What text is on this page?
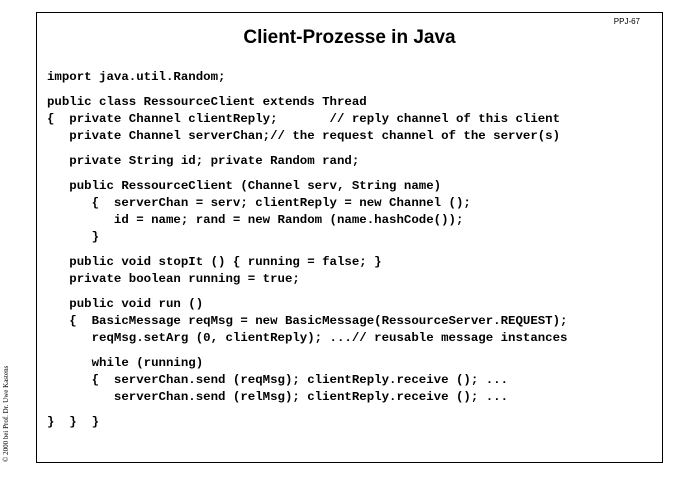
PPJ-67
Client-Prozesse in Java
import java.util.Random;
public class RessourceClient extends Thread
{  private Channel clientReply;       // reply channel of this client
private Channel serverChan;// the request channel of the server(s)
private String id; private Random rand;
public RessourceClient (Channel serv, String name)
{  serverChan = serv; clientReply = new Channel ();
id = name; rand = new Random (name.hashCode());
}
public void stopIt () { running = false; }
private boolean running = true;
public void run ()
{  BasicMessage reqMsg = new BasicMessage(RessourceServer.REQUEST);
reqMsg.setArg (0, clientReply); ...// reusable message instances
while (running)
{  serverChan.send (reqMsg); clientReply.receive (); ...
serverChan.send (relMsg); clientReply.receive (); ...
}  }  }
© 2000 bei Prof. Dr. Uwe Kastens
